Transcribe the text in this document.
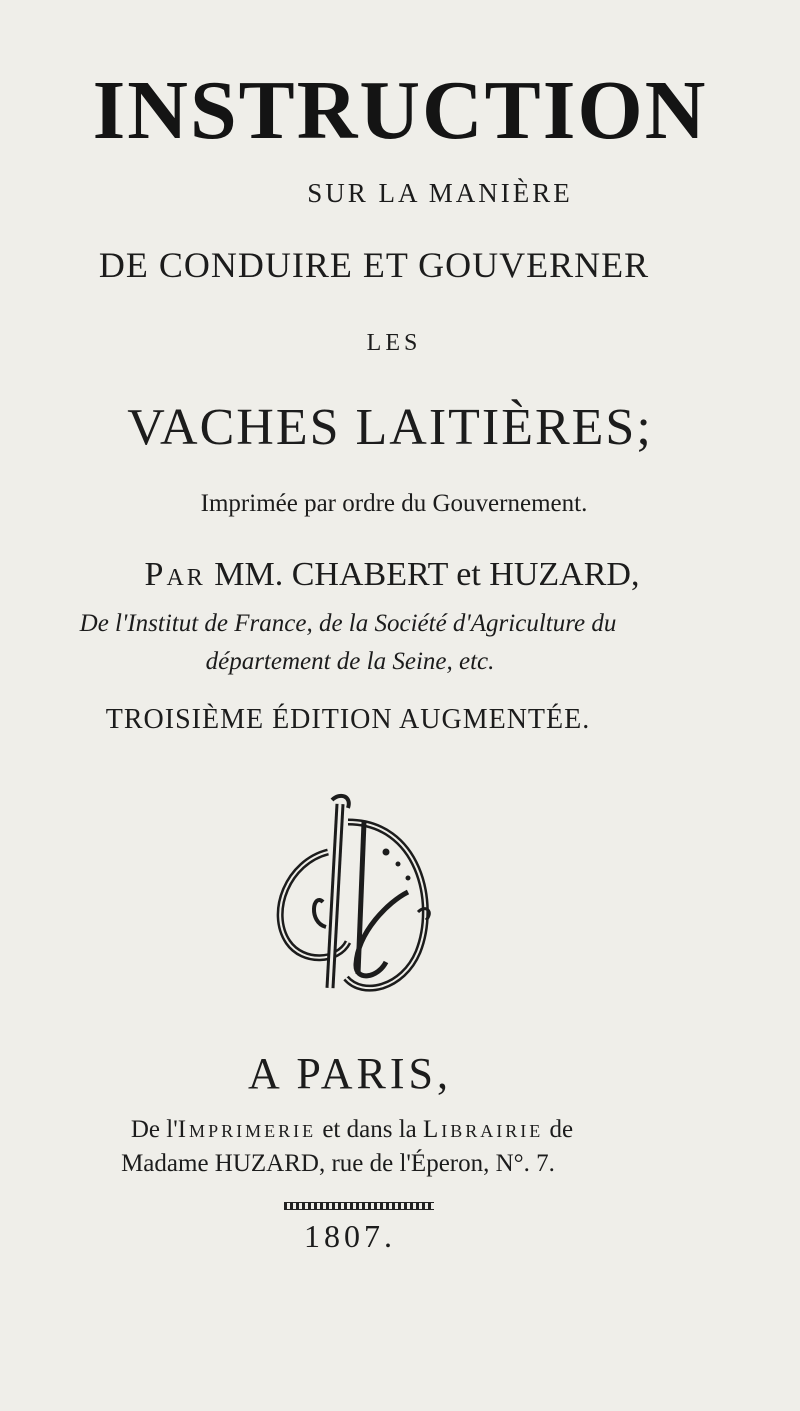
INSTRUCTION
SUR LA MANIÈRE
DE CONDUIRE ET GOUVERNER
LES
VACHES LAITIÈRES;
Imprimée par ordre du Gouvernement.
Par MM. CHABERT et HUZARD,
De l'Institut de France, de la Société d'Agriculture du
département de la Seine, etc.
TROISIÈME ÉDITION AUGMENTÉE.
A PARIS,
De l'Imprimerie et dans la Librairie de
Madame HUZARD, rue de l'Éperon, N°. 7.
1807.
